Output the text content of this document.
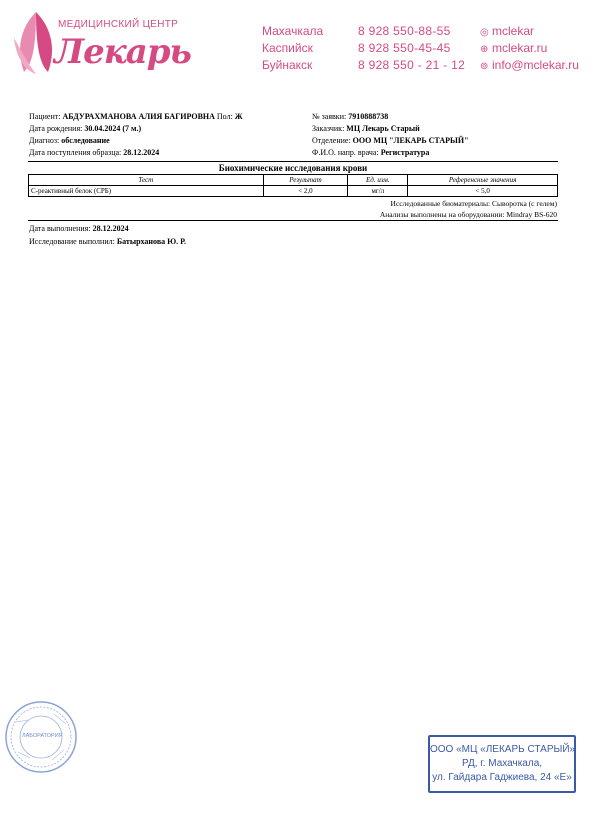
МЕДИЦИНСКИЙ ЦЕНТР
Лекарь
Махачкала	8 928 550-88-55	◎ mclekar
Каспийск	8 928 550-45-45	⊕ mclekar.ru
Буйнакск	8 928 550 - 21 - 12 ⊚ info@mclekar.ru
Пациент: АБДУРАХМАНОВА АЛИЯ БАГИРОВНА Пол: Ж
Дата рождения: 30.04.2024 (7 м.)
Диагноз: обследование
Дата поступления образца: 28.12.2024
№ заявки: 7910888738
Заказчик: МЦ Лекарь Старый
Отделение: ООО МЦ "ЛЕКАРЬ СТАРЫЙ"
Ф.И.О. напр. врача: Регистратура
Биохимические исследования крови
Тест	Результат	Ед. изм.	Референсные значения
С-реактивный белок (СРБ)	< 2,0	мг/л	< 5,0
Исследованные биоматериалы: Сыворотка (с гелем)
Анализы выполнены на оборудовании: Mindray BS-620
Дата выполнения: 28.12.2024
Исследование выполнил: Батырханова Ю. Р.
ЛАБОРАТОРИЯ
ООО «МЦ «ЛЕКАРЬ СТАРЫЙ»
РД, г. Махачкала,
ул. Гайдара Гаджиева, 24 «Е»
